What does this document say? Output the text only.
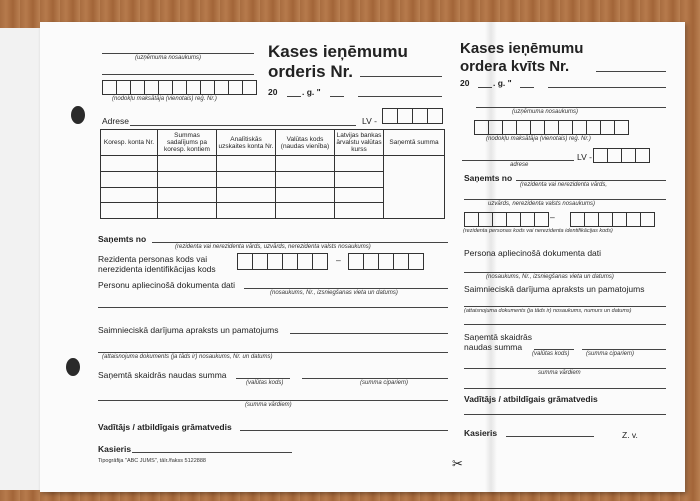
(uzņēmuma nosaukums)
(nodokļu maksātāja (vienotais) reģ. Nr.)
Kases ieņēmumu
orderis Nr.
20	. g. "
Adrese	LV -
Koresp. konta Nr.	Summas sadalījums pa koresp. kontiem	Analītiskās uzskaites konta Nr.	Valūtas kods (naudas vienība)	Latvijas bankas ārvalstu valūtas kurss	Saņemtā summa

Saņemts no
(rezidenta vai nerezidenta vārds, uzvārds, nerezidenta valsts nosaukums)
Rezidenta personas kods vai
nerezidenta identifikācijas kods
–
Personu apliecinošā dokumenta dati
(nosaukums, Nr., izsniegšanas vieta un datums)
Saimnieciskā darījuma apraksts un pamatojums
(attaisnojuma dokuments (ja tāds ir) nosaukums, Nr. un datums)
Saņemtā skaidrās naudas summa
(valūtas kods)	(summa cipariem)
(summa vārdiem)
Vadītājs / atbildīgais grāmatvedis
Kasieris
Tipogrāfija "ABC JUMS", tālr./fakss 5122888
Kases ieņēmumu
ordera kvīts Nr.
20	. g. "
(uzņēmuma nosaukums)
(nodokļu maksātāja (vienotais) reģ. Nr.)
LV -
adrese
Saņemts no
(rezidenta vai nerezidenta vārds,
uzvārds, nerezidenta valsts nosaukums)
–
(rezidenta personas kods vai nerezidenta identifikācijas kods)
Persona apliecinošā dokumenta dati
(nosaukums, Nr., izsniegšanas vieta un datums)
Saimnieciskā darījuma apraksts un pamatojums
(attaisnojuma dokuments (ja tāds ir) nosaukums, numurs un datums)
Saņemtā skaidrās
naudas summa
(valūtas kods)	(summa cipariem)
summa vārdiem
Vadītājs / atbildīgais grāmatvedis
Kasieris	Z. v.
✂
